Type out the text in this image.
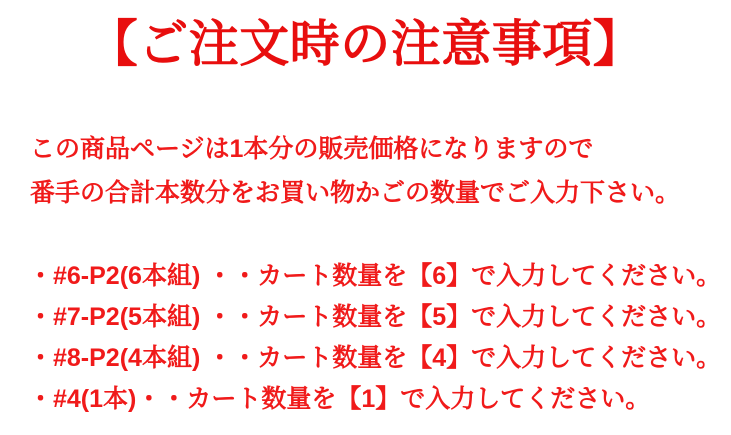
【ご注文時の注意事項】
この商品ページは1本分の販売価格になりますので
番手の合計本数分をお買い物かごの数量でご入力下さい。
・#6-P2(6本組) ・・カート数量を【6】で入力してください。
・#7-P2(5本組) ・・カート数量を【5】で入力してください。
・#8-P2(4本組) ・・カート数量を【4】で入力してください。
・#4(1本)・・カート数量を【1】で入力してください。
